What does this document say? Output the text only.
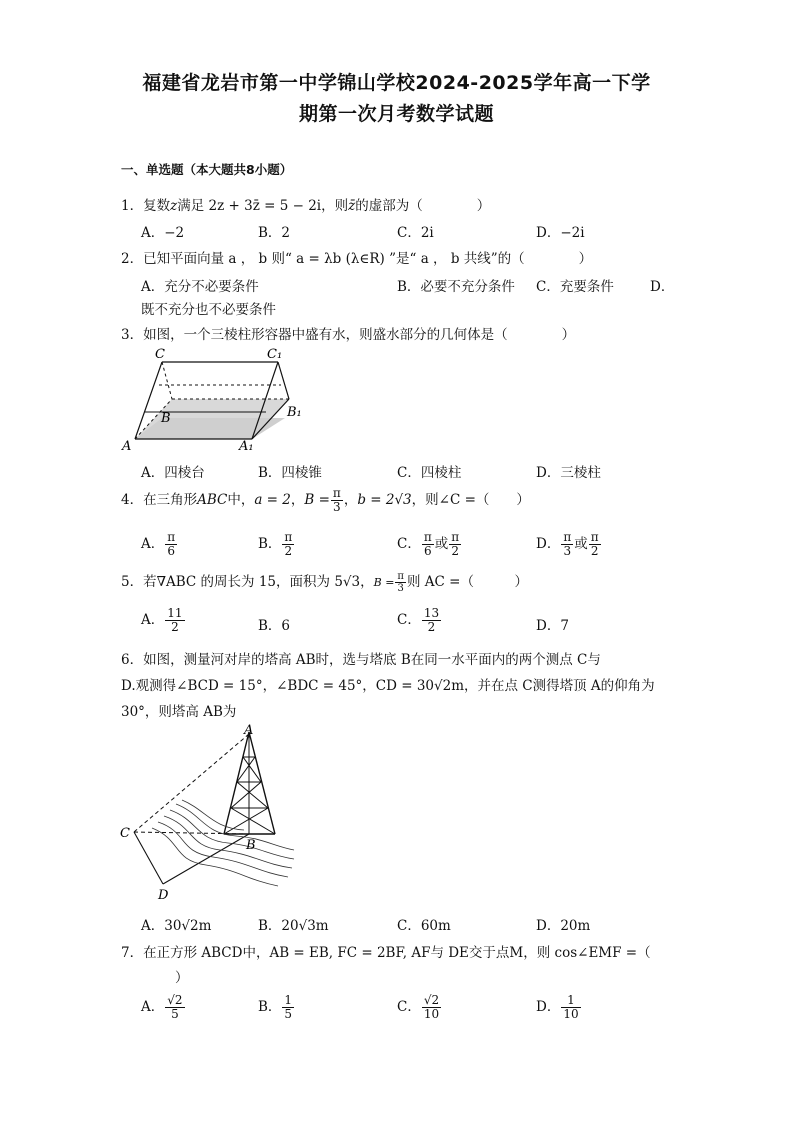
福建省龙岩市第一中学锦山学校2024-2025学年高一下学
期第一次月考数学试题
一、单选题（本大题共8小题）
1．复数z满足 2z + 3z̄ = 5 − 2i，则z̄的虚部为（　　　　）
A．−2	B．2	C．2i	D．−2i
2．已知平面向量 a ， b 则“ a = λb (λ∈R) ”是“ a ， b 共线”的（　　　　）
A．充分不必要条件	B．必要不充分条件 C．充要条件	D．
既不充分也不必要条件
3．如图，一个三棱柱形容器中盛有水，则盛水部分的几何体是（　　　　）
C	C₁
B	B₁
A	A₁
A．四棱台	B．四棱锥	C．四棱柱	D．三棱柱
4．在三角形ABC中，a = 2，$B = \frac{\pi}{3}$ ，b = 2√3，则∠C =（　　）
A． $\frac{\pi}{6}$	B． $\frac{\pi}{2}$	C． $\frac{\pi}{6}$ 或 $\frac{\pi}{2}$	D． $\frac{\pi}{3}$ 或 $\frac{\pi}{2}$
5．若∇ABC 的周长为 15，面积为 5√3，$B = \frac{\pi}{3}$ 则 AC =（　　　）
A． $\frac{11}{2}$	B．6	C． $\frac{13}{2}$	D．7
6．如图，测量河对岸的塔高 AB时，选与塔底 B在同一水平面内的两个测点 C与
D.观测得∠BCD = 15°，∠BDC = 45°，CD = 30√2m，并在点 C测得塔顶 A的仰角为
30°，则塔高 AB为
A
B
C
D
A．30√2m	B．20√3m	C．60m	D．20m
7．在正方形 ABCD中，AB = EB, FC = 2BF, AF与 DE交于点M，则 cos∠EMF =（
）
A． $\frac{√2}{5}$	B． $\frac{1}{5}$	C． $\frac{√2}{10}$	D． $\frac{1}{10}$
